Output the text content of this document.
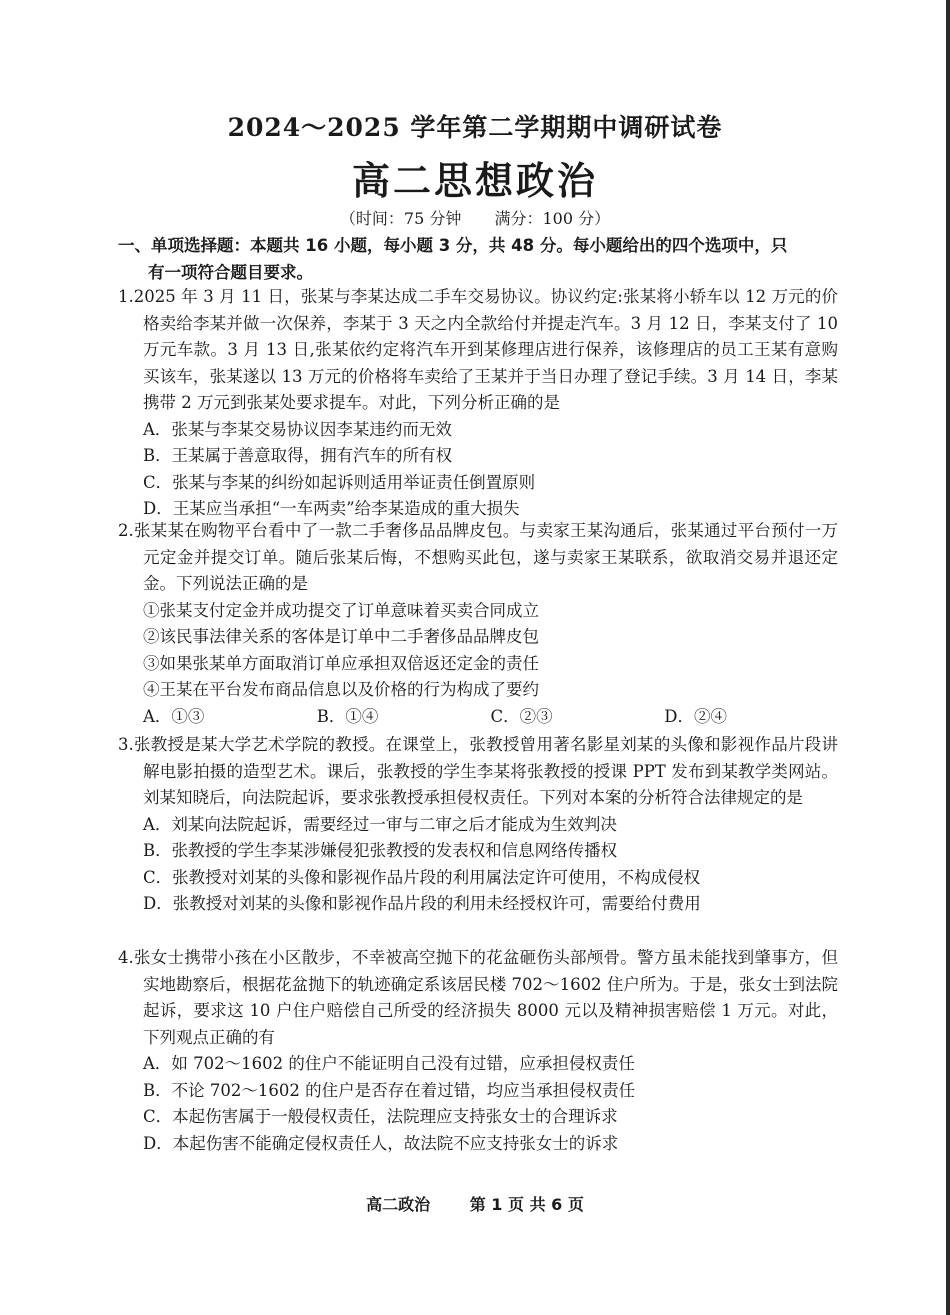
2024～2025 学年第二学期期中调研试卷
高二思想政治
（时间：75 分钟 满分：100 分）
一、单项选择题：本题共 16 小题，每小题 3 分，共 48 分。每小题给出的四个选项中，只
有一项符合题目要求。
1.2025 年 3 月 11 日，张某与李某达成二手车交易协议。协议约定:张某将小轿车以 12 万元的价格卖给李某并做一次保养，李某于 3 天之内全款给付并提走汽车。3 月 12 日，李某支付了 10 万元车款。3 月 13 日,张某依约定将汽车开到某修理店进行保养，该修理店的员工王某有意购买该车，张某遂以 13 万元的价格将车卖给了王某并于当日办理了登记手续。3 月 14 日，李某携带 2 万元到张某处要求提车。对此，下列分析正确的是
A．张某与李某交易协议因李某违约而无效
B．王某属于善意取得，拥有汽车的所有权
C．张某与李某的纠纷如起诉则适用举证责任倒置原则
D．王某应当承担“一车两卖”给李某造成的重大损失
2.张某某在购物平台看中了一款二手奢侈品品牌皮包。与卖家王某沟通后，张某通过平台预付一万元定金并提交订单。随后张某后悔，不想购买此包，遂与卖家王某联系，欲取消交易并退还定金。下列说法正确的是
①张某支付定金并成功提交了订单意味着买卖合同成立
②该民事法律关系的客体是订单中二手奢侈品品牌皮包
③如果张某单方面取消订单应承担双倍返还定金的责任
④王某在平台发布商品信息以及价格的行为构成了要约
A．①③	B．①④	C．②③	D．②④
3.张教授是某大学艺术学院的教授。在课堂上，张教授曾用著名影星刘某的头像和影视作品片段讲解电影拍摄的造型艺术。课后，张教授的学生李某将张教授的授课 PPT 发布到某教学类网站。刘某知晓后，向法院起诉，要求张教授承担侵权责任。下列对本案的分析符合法律规定的是
A．刘某向法院起诉，需要经过一审与二审之后才能成为生效判决
B．张教授的学生李某涉嫌侵犯张教授的发表权和信息网络传播权
C．张教授对刘某的头像和影视作品片段的利用属法定许可使用，不构成侵权
D．张教授对刘某的头像和影视作品片段的利用未经授权许可，需要给付费用
4.张女士携带小孩在小区散步，不幸被高空抛下的花盆砸伤头部颅骨。警方虽未能找到肇事方，但实地勘察后，根据花盆抛下的轨迹确定系该居民楼 702～1602 住户所为。于是，张女士到法院起诉，要求这 10 户住户赔偿自己所受的经济损失 8000 元以及精神损害赔偿 1 万元。对此，下列观点正确的有
A．如 702～1602 的住户不能证明自己没有过错，应承担侵权责任
B．不论 702～1602 的住户是否存在着过错，均应当承担侵权责任
C．本起伤害属于一般侵权责任，法院理应支持张女士的合理诉求
D．本起伤害不能确定侵权责任人，故法院不应支持张女士的诉求
高二政治 第 1 页 共 6 页
